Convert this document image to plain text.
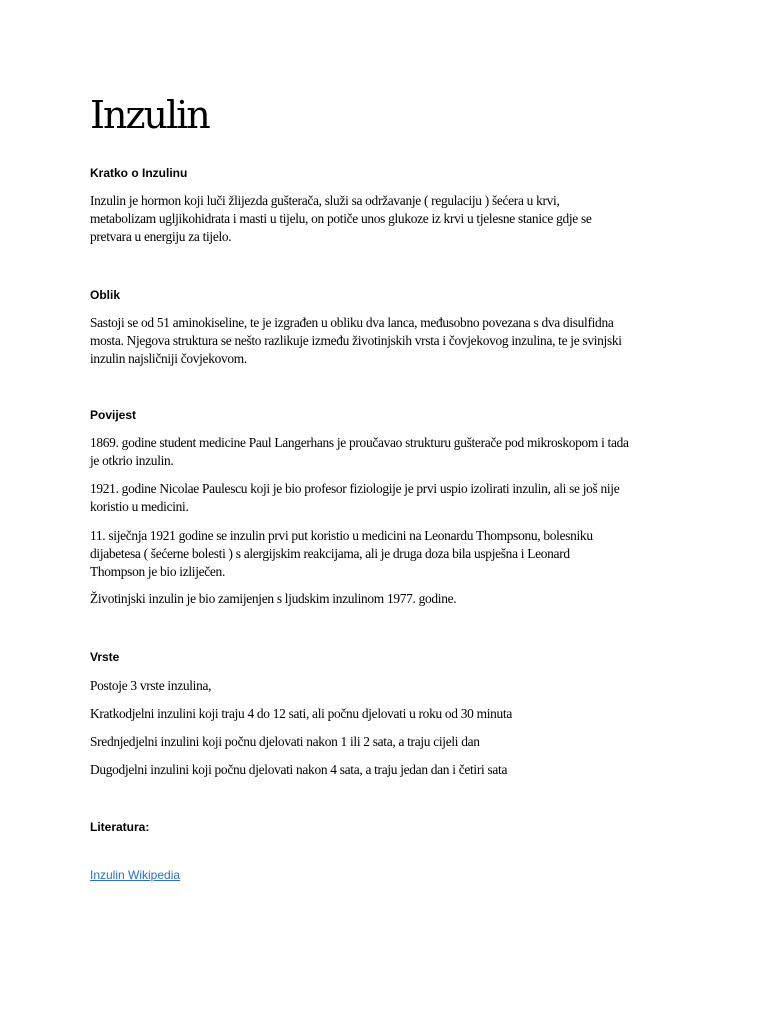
Inzulin
Kratko o Inzulinu

Inzulin je hormon koji luči žlijezda gušterača, služi sa održavanje ( regulaciju ) šećera u krvi,
metabolizam ugljikohidrata i masti u tijelu, on potiče unos glukoze iz krvi u tjelesne stanice gdje se
pretvara u energiju za tijelo.

Oblik

Sastoji se od 51 aminokiseline, te je izgrađen u obliku dva lanca, međusobno povezana s dva disulfidna
mosta. Njegova struktura se nešto razlikuje između životinjskih vrsta i čovjekovog inzulina, te je svinjski
inzulin najsličniji čovjekovom.

Povijest

1869. godine student medicine Paul Langerhans je proučavao strukturu gušterače pod mikroskopom i tada
je otkrio inzulin.

1921. godine Nicolae Paulescu koji je bio profesor fiziologije je prvi uspio izolirati inzulin, ali se još nije
koristio u medicini.

11. siječnja 1921 godine se inzulin prvi put koristio u medicini na Leonardu Thompsonu, bolesniku
dijabetesa ( šećerne bolesti ) s alergijskim reakcijama, ali je druga doza bila uspješna i Leonard
Thompson je bio izliječen.

Životinjski inzulin je bio zamijenjen s ljudskim inzulinom 1977. godine.

Vrste

Postoje 3 vrste inzulina,

Kratkodjelni inzulini koji traju 4 do 12 sati, ali počnu djelovati u roku od 30 minuta

Srednjedjelni inzulini koji počnu djelovati nakon 1 ili 2 sata, a traju cijeli dan

Dugodjelni inzulini koji počnu djelovati nakon 4 sata, a traju jedan dan i četiri sata

Literatura:
Inzulin Wikipedia
